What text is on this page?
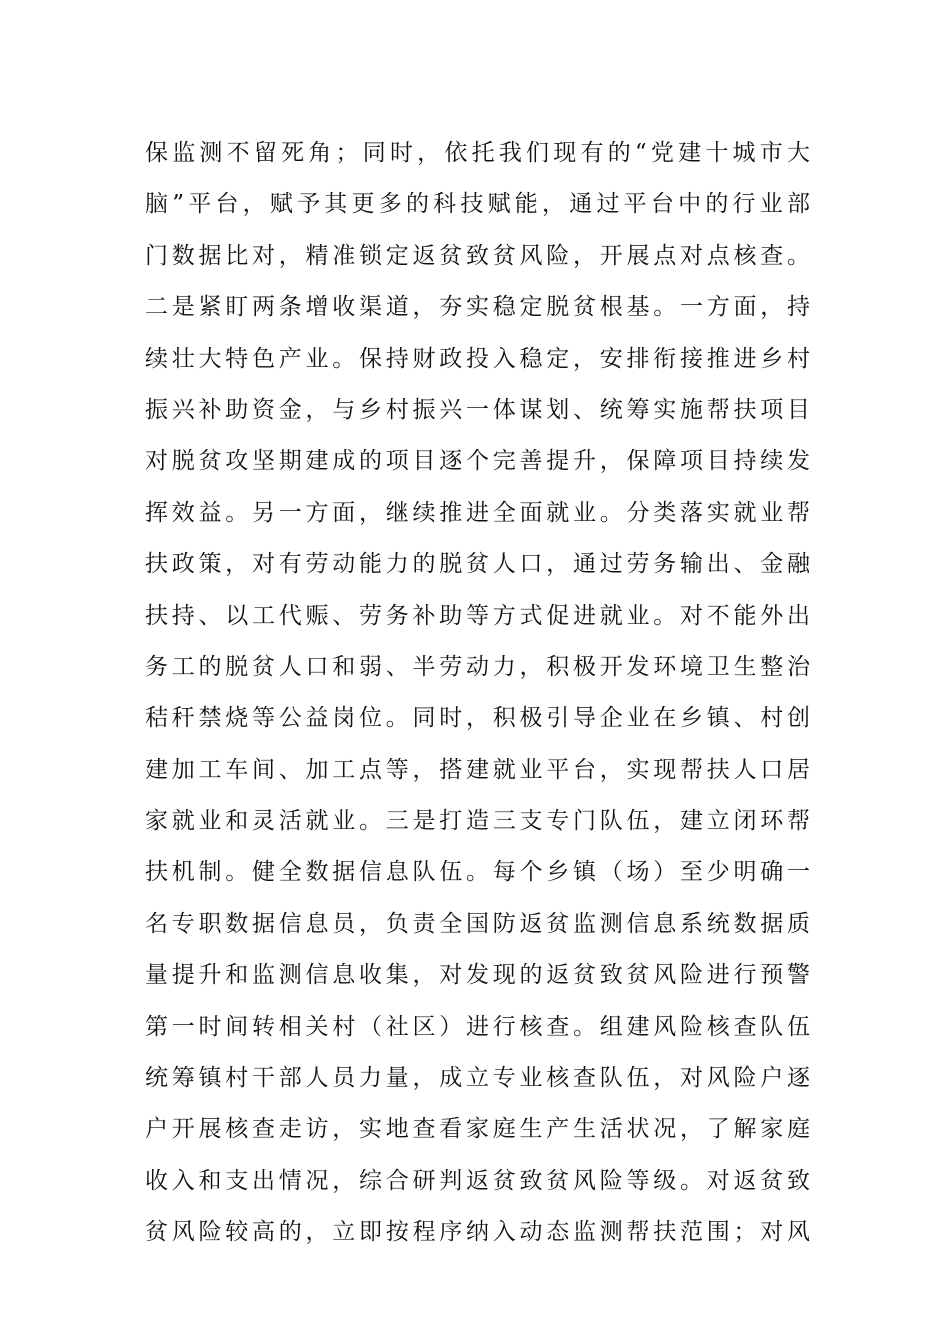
保监测不留死角；同时，依托我们现有的“党建十城市大
脑”平台，赋予其更多的科技赋能，通过平台中的行业部
门数据比对，精准锁定返贫致贫风险，开展点对点核查。
二是紧盯两条增收渠道，夯实稳定脱贫根基。一方面，持
续壮大特色产业。保持财政投入稳定，安排衔接推进乡村
振兴补助资金，与乡村振兴一体谋划、统筹实施帮扶项目
对脱贫攻坚期建成的项目逐个完善提升，保障项目持续发
挥效益。另一方面，继续推进全面就业。分类落实就业帮
扶政策，对有劳动能力的脱贫人口，通过劳务输出、金融
扶持、以工代赈、劳务补助等方式促进就业。对不能外出
务工的脱贫人口和弱、半劳动力，积极开发环境卫生整治
秸秆禁烧等公益岗位。同时，积极引导企业在乡镇、村创
建加工车间、加工点等，搭建就业平台，实现帮扶人口居
家就业和灵活就业。三是打造三支专门队伍，建立闭环帮
扶机制。健全数据信息队伍。每个乡镇（场）至少明确一
名专职数据信息员，负责全国防返贫监测信息系统数据质
量提升和监测信息收集，对发现的返贫致贫风险进行预警
第一时间转相关村（社区）进行核查。组建风险核查队伍
统筹镇村干部人员力量，成立专业核查队伍，对风险户逐
户开展核查走访，实地查看家庭生产生活状况，了解家庭
收入和支出情况，综合研判返贫致贫风险等级。对返贫致
贫风险较高的，立即按程序纳入动态监测帮扶范围；对风
